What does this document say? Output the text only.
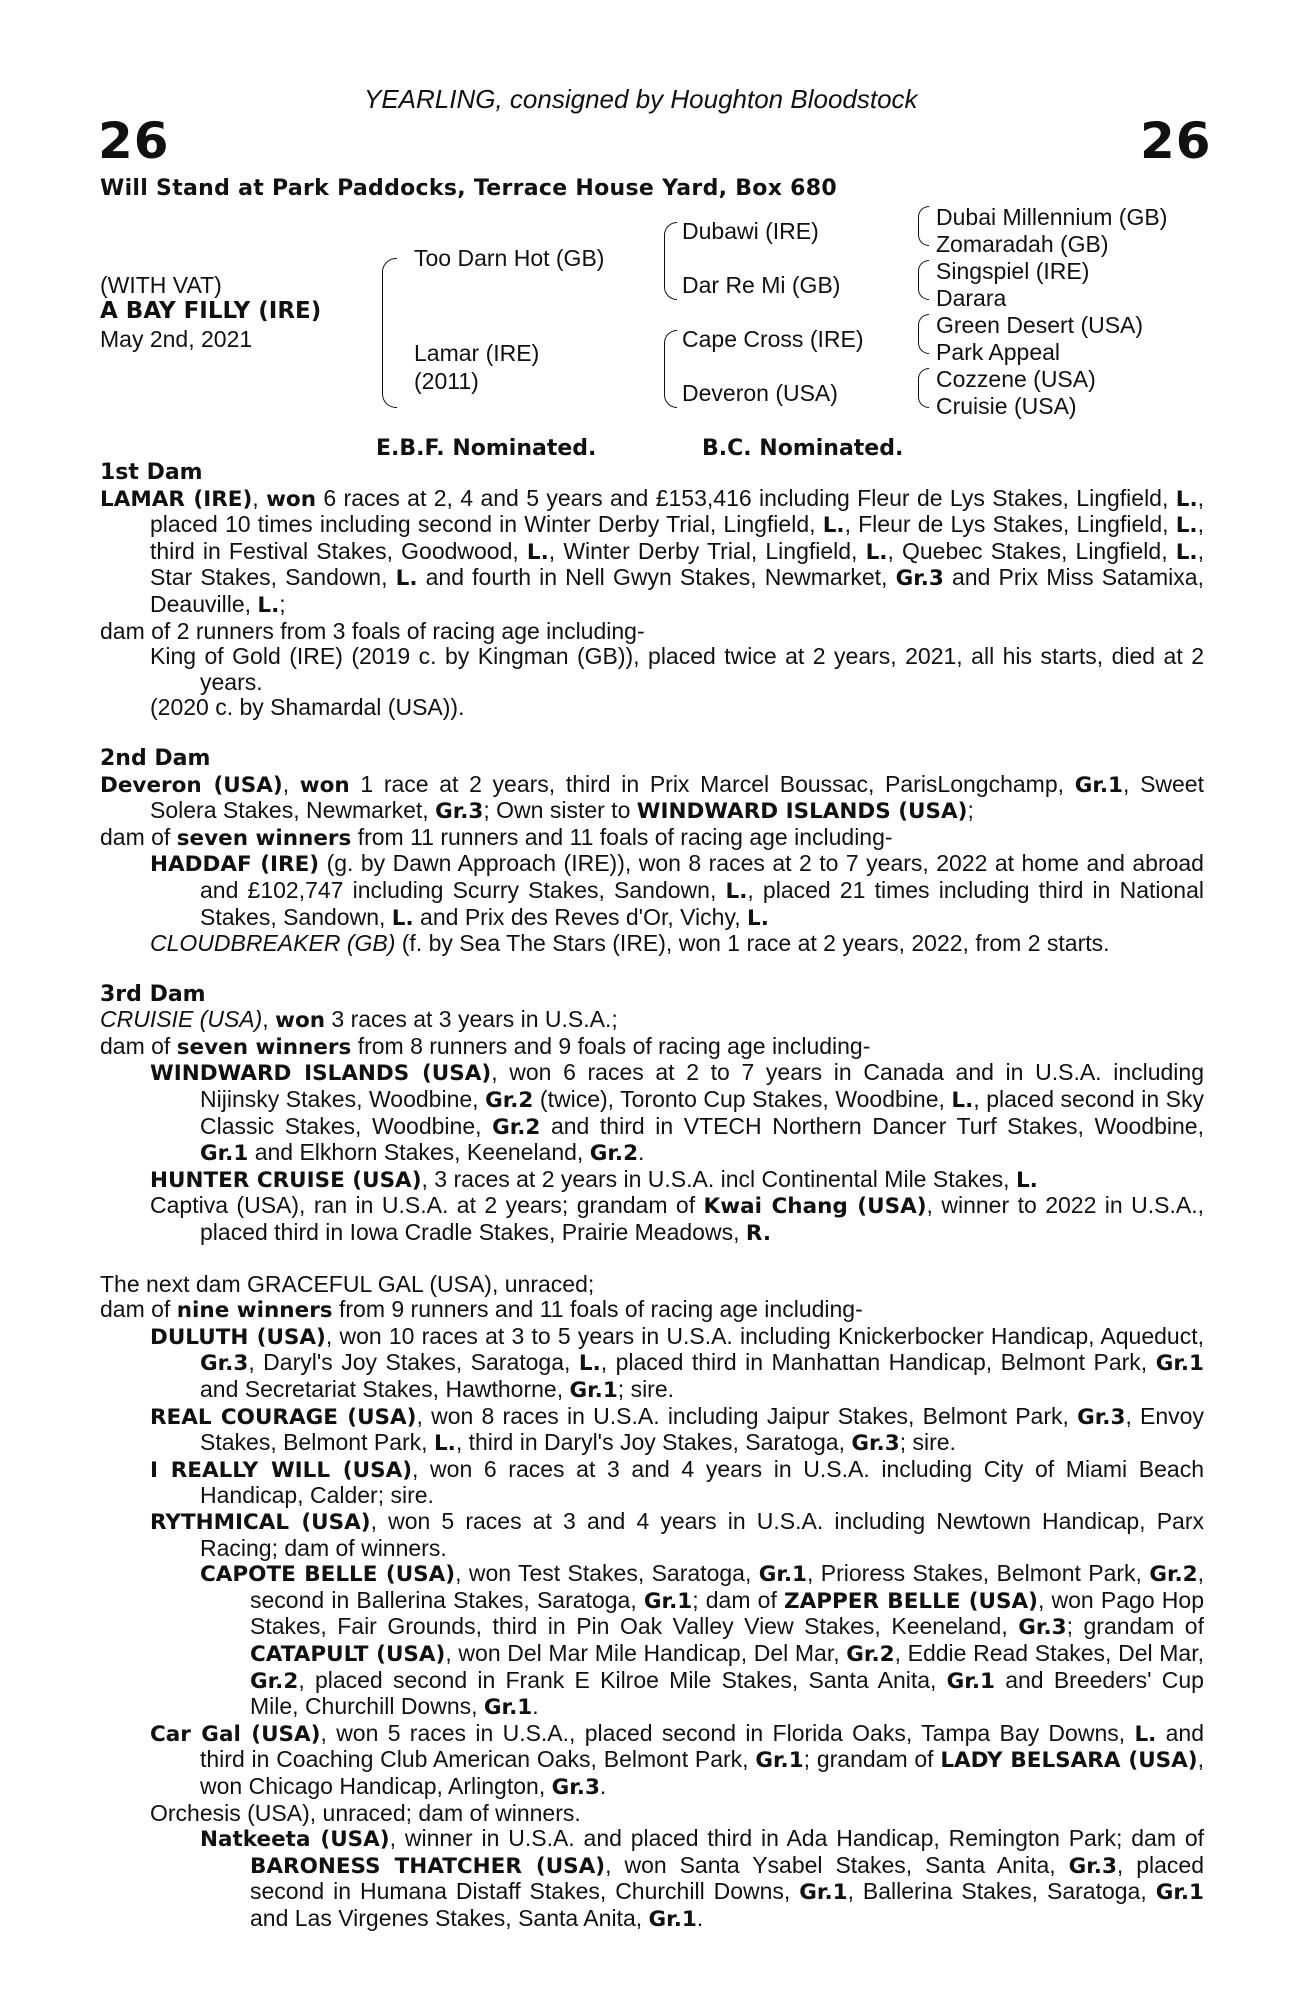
YEARLING, consigned by Houghton Bloodstock
26	26
Will Stand at Park Paddocks, Terrace House Yard, Box 680
(WITH VAT)
A BAY FILLY (IRE)
May 2nd, 2021
Too Darn Hot (GB)
Lamar (IRE)
(2011)
Dubawi (IRE)
Dar Re Mi (GB)
Cape Cross (IRE)
Deveron (USA)
Dubai Millennium (GB)
Zomaradah (GB)
Singspiel (IRE)
Darara
Green Desert (USA)
Park Appeal
Cozzene (USA)
Cruisie (USA)
E.B.F. Nominated.	B.C. Nominated.
1st Dam

LAMAR (IRE), won 6 races at 2, 4 and 5 years and £153,416 including Fleur de Lys Stakes, Lingfield, L., placed 10 times including second in Winter Derby Trial, Lingfield, L., Fleur de Lys Stakes, Lingfield, L., third in Festival Stakes, Goodwood, L., Winter Derby Trial, Lingfield, L., Quebec Stakes, Lingfield, L., Star Stakes, Sandown, L. and fourth in Nell Gwyn Stakes, Newmarket, Gr.3 and Prix Miss Satamixa, Deauville, L.;

dam of 2 runners from 3 foals of racing age including-

King of Gold (IRE) (2019 c. by Kingman (GB)), placed twice at 2 years, 2021, all his starts, died at 2 years.

(2020 c. by Shamardal (USA)).

2nd Dam

Deveron (USA), won 1 race at 2 years, third in Prix Marcel Boussac, ParisLongchamp, Gr.1, Sweet Solera Stakes, Newmarket, Gr.3; Own sister to WINDWARD ISLANDS (USA);

dam of seven winners from 11 runners and 11 foals of racing age including-

HADDAF (IRE) (g. by Dawn Approach (IRE)), won 8 races at 2 to 7 years, 2022 at home and abroad and £102,747 including Scurry Stakes, Sandown, L., placed 21 times including third in National Stakes, Sandown, L. and Prix des Reves d'Or, Vichy, L.

CLOUDBREAKER (GB) (f. by Sea The Stars (IRE), won 1 race at 2 years, 2022, from 2 starts.

3rd Dam

CRUISIE (USA), won 3 races at 3 years in U.S.A.;

dam of seven winners from 8 runners and 9 foals of racing age including-

WINDWARD ISLANDS (USA), won 6 races at 2 to 7 years in Canada and in U.S.A. including Nijinsky Stakes, Woodbine, Gr.2 (twice), Toronto Cup Stakes, Woodbine, L., placed second in Sky Classic Stakes, Woodbine, Gr.2 and third in VTECH Northern Dancer Turf Stakes, Woodbine, Gr.1 and Elkhorn Stakes, Keeneland, Gr.2.

HUNTER CRUISE (USA), 3 races at 2 years in U.S.A. incl Continental Mile Stakes, L.

Captiva (USA), ran in U.S.A. at 2 years; grandam of Kwai Chang (USA), winner to 2022 in U.S.A., placed third in Iowa Cradle Stakes, Prairie Meadows, R.

The next dam GRACEFUL GAL (USA), unraced;

dam of nine winners from 9 runners and 11 foals of racing age including-

DULUTH (USA), won 10 races at 3 to 5 years in U.S.A. including Knickerbocker Handicap, Aqueduct, Gr.3, Daryl's Joy Stakes, Saratoga, L., placed third in Manhattan Handicap, Belmont Park, Gr.1 and Secretariat Stakes, Hawthorne, Gr.1; sire.

REAL COURAGE (USA), won 8 races in U.S.A. including Jaipur Stakes, Belmont Park, Gr.3, Envoy Stakes, Belmont Park, L., third in Daryl's Joy Stakes, Saratoga, Gr.3; sire.

I REALLY WILL (USA), won 6 races at 3 and 4 years in U.S.A. including City of Miami Beach Handicap, Calder; sire.

RYTHMICAL (USA), won 5 races at 3 and 4 years in U.S.A. including Newtown Handicap, Parx Racing; dam of winners.

CAPOTE BELLE (USA), won Test Stakes, Saratoga, Gr.1, Prioress Stakes, Belmont Park, Gr.2, second in Ballerina Stakes, Saratoga, Gr.1; dam of ZAPPER BELLE (USA), won Pago Hop Stakes, Fair Grounds, third in Pin Oak Valley View Stakes, Keeneland, Gr.3; grandam of CATAPULT (USA), won Del Mar Mile Handicap, Del Mar, Gr.2, Eddie Read Stakes, Del Mar, Gr.2, placed second in Frank E Kilroe Mile Stakes, Santa Anita, Gr.1 and Breeders' Cup Mile, Churchill Downs, Gr.1.

Car Gal (USA), won 5 races in U.S.A., placed second in Florida Oaks, Tampa Bay Downs, L. and third in Coaching Club American Oaks, Belmont Park, Gr.1; grandam of LADY BELSARA (USA), won Chicago Handicap, Arlington, Gr.3.

Orchesis (USA), unraced; dam of winners.

Natkeeta (USA), winner in U.S.A. and placed third in Ada Handicap, Remington Park; dam of BARONESS THATCHER (USA), won Santa Ysabel Stakes, Santa Anita, Gr.3, placed second in Humana Distaff Stakes, Churchill Downs, Gr.1, Ballerina Stakes, Saratoga, Gr.1 and Las Virgenes Stakes, Santa Anita, Gr.1.
